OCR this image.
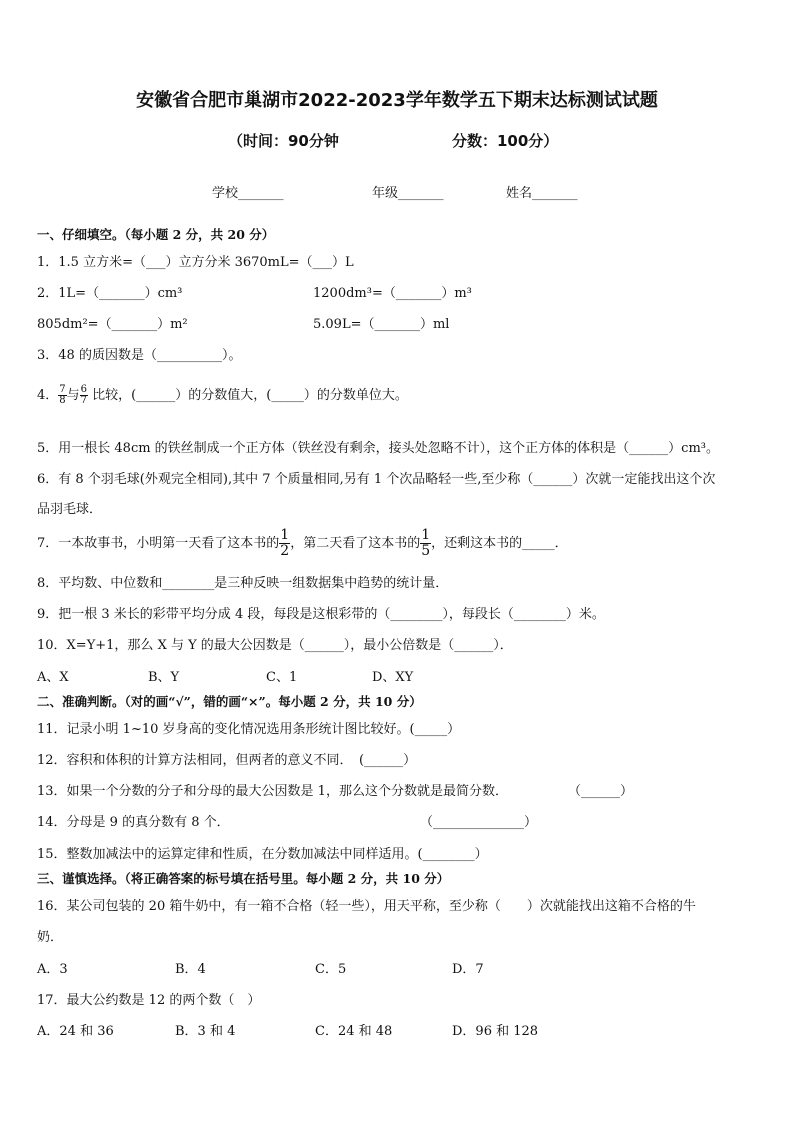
安徽省合肥市巢湖市2022-2023学年数学五下期末达标测试试题
（时间：90分钟	分数：100分）
学校_______	年级_______	姓名_______
一、仔细填空。（每小题 2 分，共 20 分）
1．1.5 立方米=（___）立方分米 3670mL=（___）L
2．1L=（_______）cm³	1200dm³=（_______）m³
805dm²=（_______）m²	5.09L=（_______）ml
3．48 的质因数是（__________）。
4． $\frac{7}{8}$ 与 $\frac{6}{7}$ 比较，(______）的分数值大，(_____）的分数单位大。
5．用一根长 48cm 的铁丝制成一个正方体（铁丝没有剩余，接头处忽略不计），这个正方体的体积是（______）cm³。
6．有 8 个羽毛球(外观完全相同),其中 7 个质量相同,另有 1 个次品略轻一些,至少称（______）次就一定能找出这个次
品羽毛球．
7．一本故事书，小明第一天看了这本书的 $\frac{1}{2}$ ，第二天看了这本书的 $\frac{1}{5}$ ，还剩这本书的_____．
8．平均数、中位数和________是三种反映一组数据集中趋势的统计量．
9．把一根 3 米长的彩带平均分成 4 段，每段是这根彩带的（________），每段长（________）米。
10．X=Y+1，那么 X 与 Y 的最大公因数是（______），最小公倍数是（______）．
A、X	B、Y	C、1	D、XY
二、准确判断。（对的画“√”，错的画“×”。每小题 2 分，共 10 分）
11．记录小明 1~10 岁身高的变化情况选用条形统计图比较好。(_____）
12．容积和体积的计算方法相同，但两者的意义不同．　(______）
13．如果一个分数的分子和分母的最大公因数是 1，那么这个分数就是最简分数．	（______）
14．分母是 9 的真分数有 8 个．	（______________）
15．整数加减法中的运算定律和性质，在分数加减法中同样适用。(________）
三、谨慎选择。（将正确答案的标号填在括号里。每小题 2 分，共 10 分）
16．某公司包装的 20 箱牛奶中，有一箱不合格（轻一些），用天平称，至少称（　　）次就能找出这箱不合格的牛
奶．
A．3	B．4	C．5	D．7
17．最大公约数是 12 的两个数（　）
A．24 和 36	B．3 和 4	C．24 和 48	D．96 和 128
